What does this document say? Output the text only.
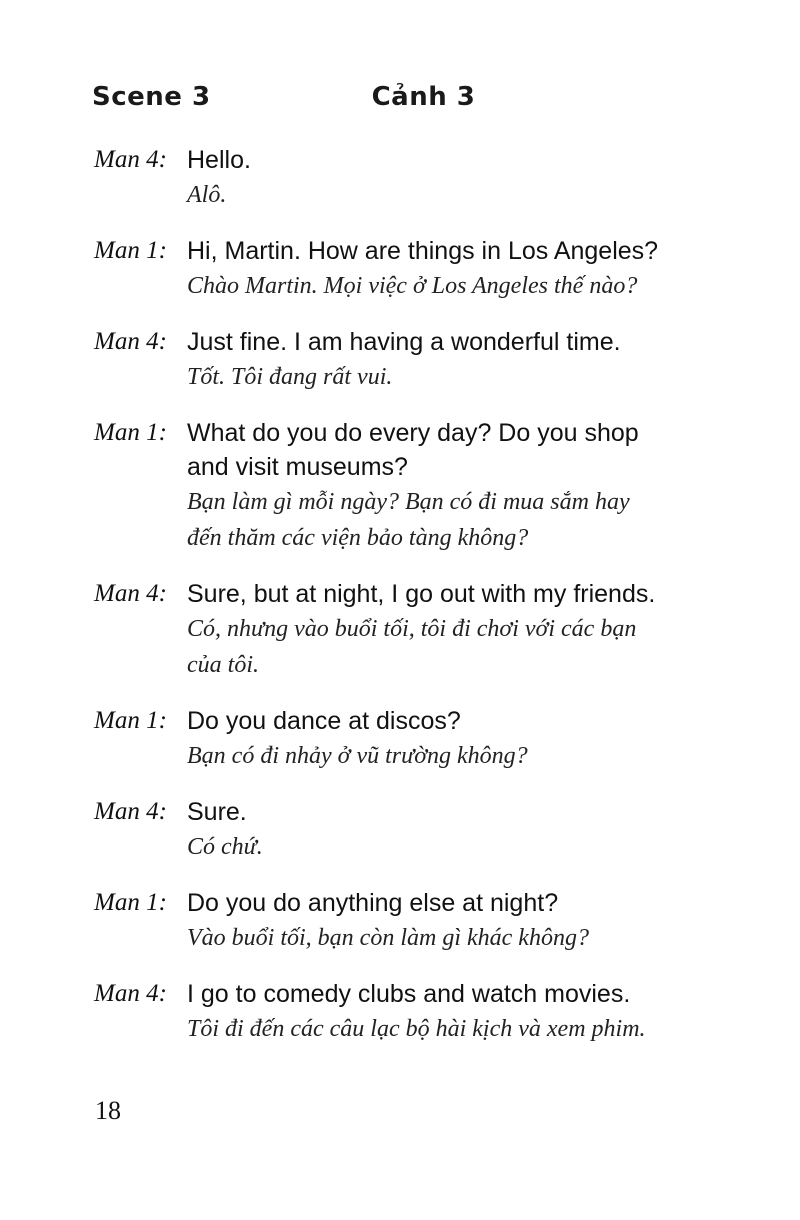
Scene 3	Cảnh 3
Man 4: Hello.
Alô.
Man 1: Hi, Martin. How are things in Los Angeles?
Chào Martin. Mọi việc ở Los Angeles thế nào?
Man 4: Just fine. I am having a wonderful time.
Tốt. Tôi đang rất vui.
Man 1: What do you do every day? Do you shop
and visit museums?
Bạn làm gì mỗi ngày? Bạn có đi mua sắm hay
đến thăm các viện bảo tàng không?
Man 4: Sure, but at night, I go out with my friends.
Có, nhưng vào buổi tối, tôi đi chơi với các bạn
của tôi.
Man 1: Do you dance at discos?
Bạn có đi nhảy ở vũ trường không?
Man 4: Sure.
Có chứ.
Man 1: Do you do anything else at night?
Vào buổi tối, bạn còn làm gì khác không?
Man 4: I go to comedy clubs and watch movies.
Tôi đi đến các câu lạc bộ hài kịch và xem phim.
18
